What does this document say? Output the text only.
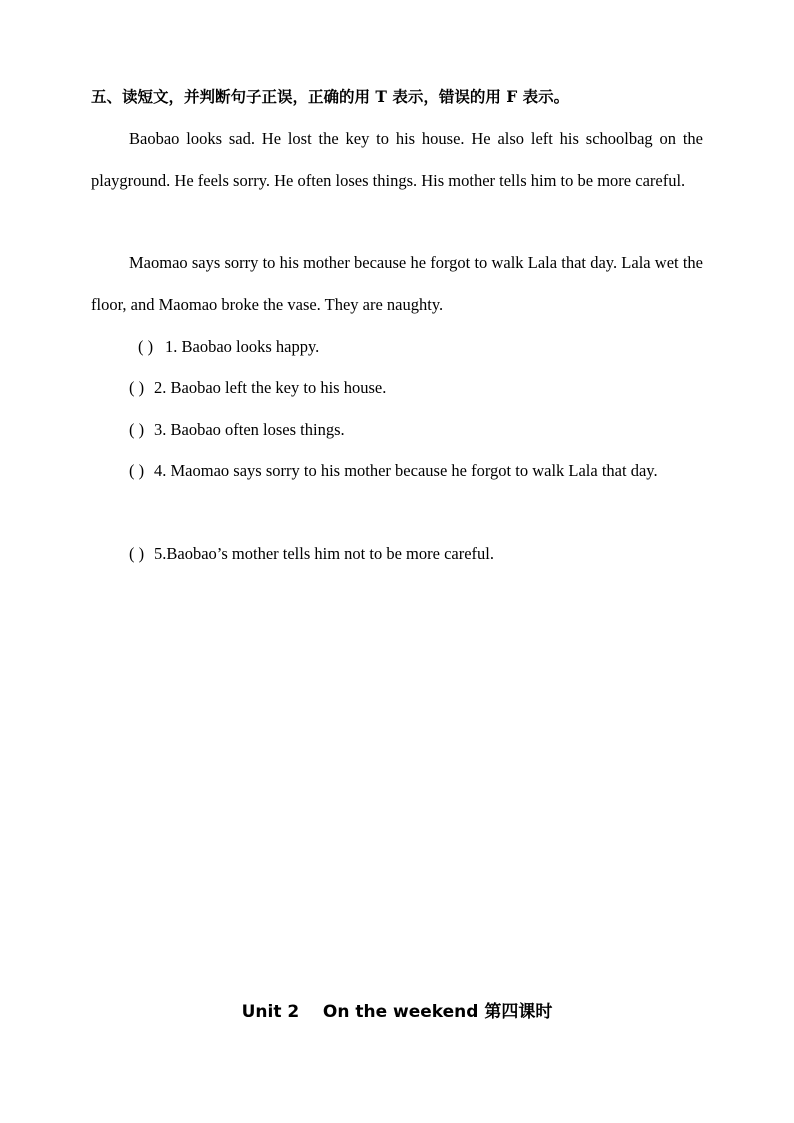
五、读短文，并判断句子正误，正确的用 T 表示，错误的用 F 表示。

Baobao looks sad. He lost the key to his house. He also left his schoolbag on the playground. He feels sorry. He often loses things. His mother tells him to be more careful.

Maomao says sorry to his mother because he forgot to walk Lala that day. Lala wet the floor, and Maomao broke the vase. They are naughty.

( ) 1. Baobao looks happy.
( ) 2. Baobao left the key to his house.
( ) 3. Baobao often loses things.
( ) 4. Maomao says sorry to his mother because he forgot to walk Lala that day.
( ) 5.Baobao’s mother tells him not to be more careful.
Unit 2    On the weekend 第四课时
